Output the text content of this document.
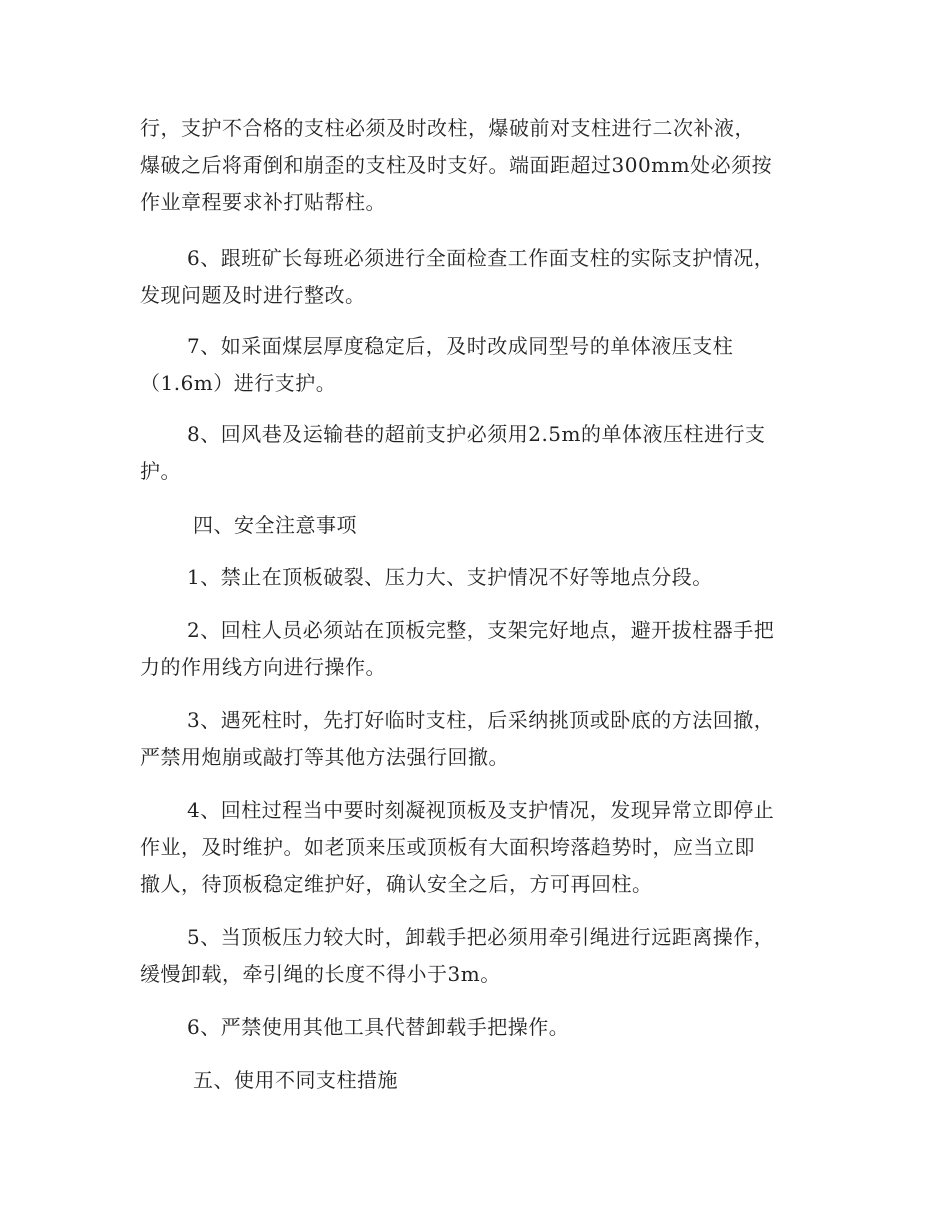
行，支护不合格的支柱必须及时改柱，爆破前对支柱进行二次补液，
爆破之后将甭倒和崩歪的支柱及时支好。端面距超过300mm处必须按
作业章程要求补打贴帮柱。
6、跟班矿长每班必须进行全面检查工作面支柱的实际支护情况，
发现问题及时进行整改。
7、如采面煤层厚度稳定后，及时改成同型号的单体液压支柱
（1.6m）进行支护。
8、回风巷及运输巷的超前支护必须用2.5m的单体液压柱进行支
护。
四、安全注意事项
1、禁止在顶板破裂、压力大、支护情况不好等地点分段。
2、回柱人员必须站在顶板完整，支架完好地点，避开拔柱器手把
力的作用线方向进行操作。
3、遇死柱时，先打好临时支柱，后采纳挑顶或卧底的方法回撤，
严禁用炮崩或敲打等其他方法强行回撤。
4、回柱过程当中要时刻凝视顶板及支护情况，发现异常立即停止
作业，及时维护。如老顶来压或顶板有大面积垮落趋势时，应当立即
撤人，待顶板稳定维护好，确认安全之后，方可再回柱。
5、当顶板压力较大时，卸载手把必须用牵引绳进行远距离操作，
缓慢卸载，牵引绳的长度不得小于3m。
6、严禁使用其他工具代替卸载手把操作。
五、使用不同支柱措施
